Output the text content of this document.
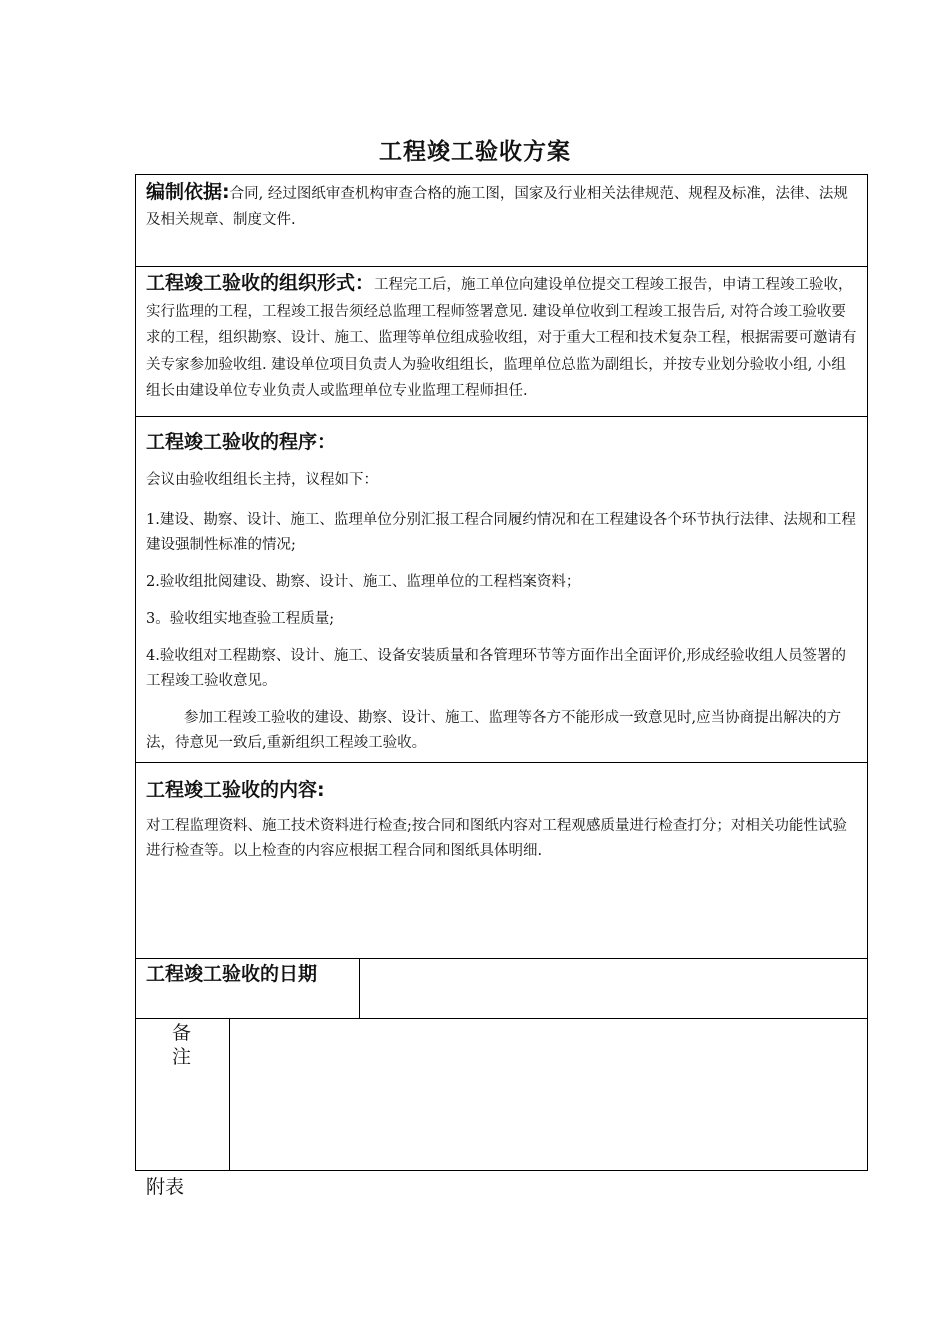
工程竣工验收方案

编制依据:合同, 经过图纸审查机构审查合格的施工图，国家及行业相关法律规范、规程及标准，法律、法规及相关规章、制度文件.

工程竣工验收的组织形式：工程完工后，施工单位向建设单位提交工程竣工报告，申请工程竣工验收，实行监理的工程，工程竣工报告须经总监理工程师签署意见. 建设单位收到工程竣工报告后, 对符合竣工验收要求的工程，组织勘察、设计、施工、监理等单位组成验收组，对于重大工程和技术复杂工程，根据需要可邀请有关专家参加验收组. 建设单位项目负责人为验收组组长，监理单位总监为副组长，并按专业划分验收小组, 小组组长由建设单位专业负责人或监理单位专业监理工程师担任.

工程竣工验收的程序：

会议由验收组组长主持，议程如下：

1.建设、勘察、设计、施工、监理单位分别汇报工程合同履约情况和在工程建设各个环节执行法律、法规和工程建设强制性标准的情况;

2.验收组批阅建设、勘察、设计、施工、监理单位的工程档案资料；

3。验收组实地查验工程质量;

4.验收组对工程勘察、设计、施工、设备安装质量和各管理环节等方面作出全面评价,形成经验收组人员签署的工程竣工验收意见。

参加工程竣工验收的建设、勘察、设计、施工、监理等各方不能形成一致意见时,应当协商提出解决的方法，待意见一致后,重新组织工程竣工验收。

工程竣工验收的内容:

对工程监理资料、施工技术资料进行检查;按合同和图纸内容对工程观感质量进行检查打分；对相关功能性试验进行检查等。以上检查的内容应根据工程合同和图纸具体明细.

工程竣工验收的日期
备
注
附表
